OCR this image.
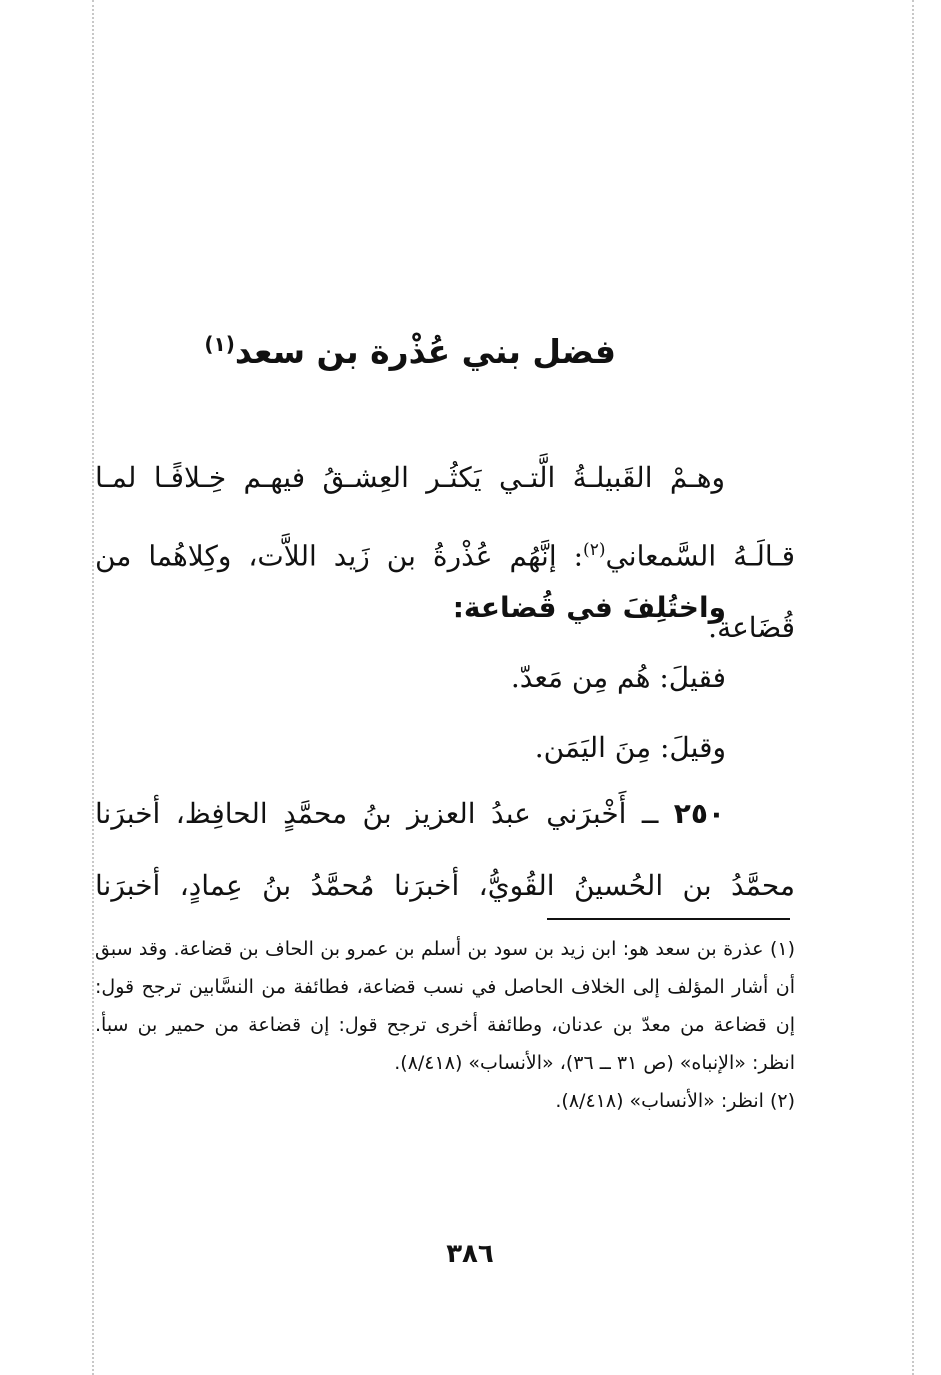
فضل بني عُذْرة بن سعد$^{(١)}$

وهـمْ القَبيلـةُ الَّتـي يَكثُـر العِشـقُ فيهـم خِـلافًـا لمـا قـالَـهُ السَّمعاني$^{(٢)}$: إنَّهُم عُذْرةُ بن زَيد اللاَّت، وكِلاهُما من قُضَاعة.

واختُلِفَ في قُضاعة:
فقيلَ: هُم مِن مَعدّ.
وقيلَ: مِنَ اليَمَن.

٢٥٠ ــ أَخْبرَني عبدُ العزيز بنُ محمَّدٍ الحافِظ، أخبرَنا محمَّدُ بن الحُسينُ القُويُّ، أخبرَنا مُحمَّدُ بنُ عِمادٍ، أخبرَنا

(١) عذرة بن سعد هو: ابن زيد بن سود بن أسلم بن عمرو بن الحاف بن قضاعة. وقد سبق أن أشار المؤلف إلى الخلاف الحاصل في نسب قضاعة، فطائفة من النسَّابين ترجح قول: إن قضاعة من معدّ بن عدنان، وطائفة أخرى ترجح قول: إن قضاعة من حمير بن سبأ. انظر: «الإنباه» (ص ٣١ ــ ٣٦)، «الأنساب» (٨/٤١٨).

(٢) انظر: «الأنساب» (٨/٤١٨).

٣٨٦
